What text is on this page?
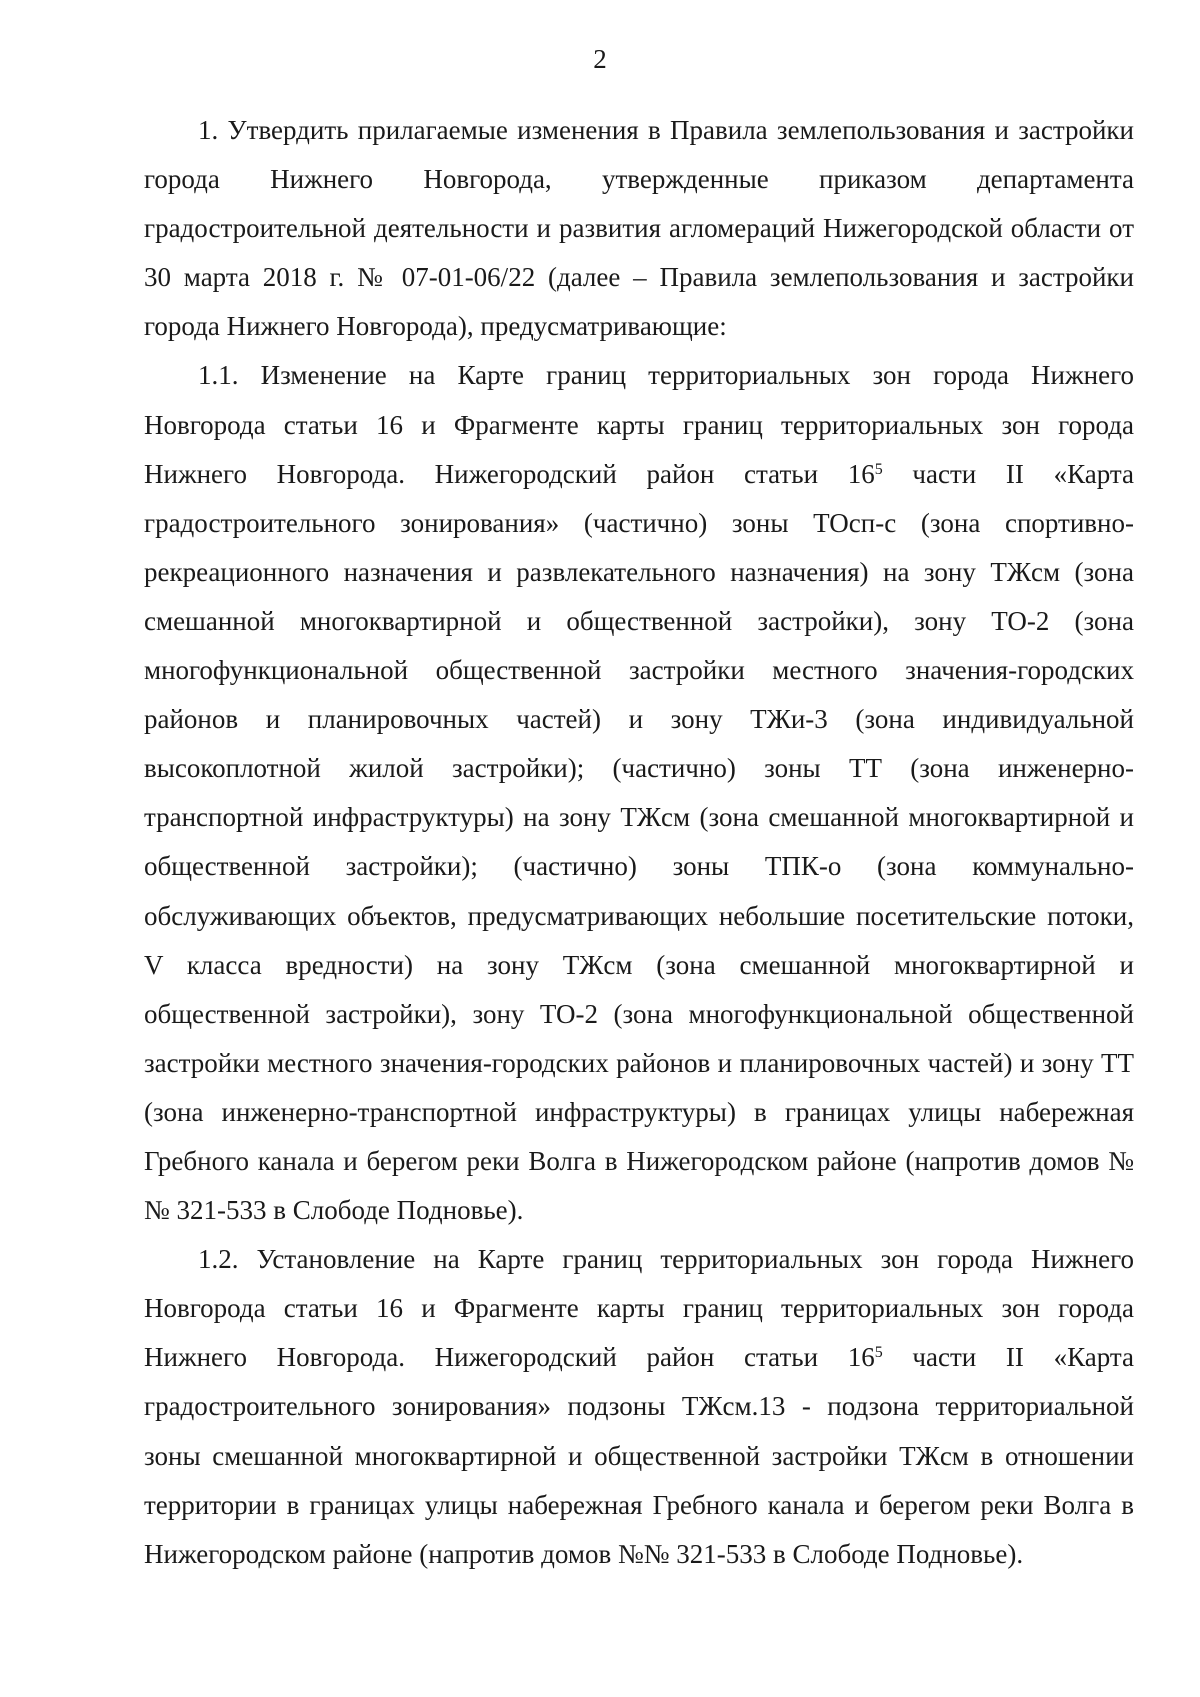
2

1. Утвердить прилагаемые изменения в Правила землепользования и застройки города Нижнего Новгорода, утвержденные приказом департамента градостроительной деятельности и развития агломераций Нижегородской области от 30 марта 2018 г. № 07-01-06/22 (далее – Правила землепользования и застройки города Нижнего Новгорода), предусматривающие:

1.1. Изменение на Карте границ территориальных зон города Нижнего Новгорода статьи 16 и Фрагменте карты границ территориальных зон города Нижнего Новгорода. Нижегородский район статьи $16^5$ части II «Карта градостроительного зонирования» (частично) зоны ТОсп-с (зона спортивно-рекреационного назначения и развлекательного назначения) на зону ТЖсм (зона смешанной многоквартирной и общественной застройки), зону ТО-2 (зона многофункциональной общественной застройки местного значения-городских районов и планировочных частей) и зону ТЖи-3 (зона индивидуальной высокоплотной жилой застройки); (частично) зоны ТТ (зона инженерно-транспортной инфраструктуры) на зону ТЖсм (зона смешанной многоквартирной и общественной застройки); (частично) зоны ТПК-о (зона коммунально-обслуживающих объектов, предусматривающих небольшие посетительские потоки, V класса вредности) на зону ТЖсм (зона смешанной многоквартирной и общественной застройки), зону ТО-2 (зона многофункциональной общественной застройки местного значения-городских районов и планировочных частей) и зону ТТ (зона инженерно-транспортной инфраструктуры) в границах улицы набережная Гребного канала и берегом реки Волга в Нижегородском районе (напротив домов №№ 321-533 в Слободе Подновье).

1.2. Установление на Карте границ территориальных зон города Нижнего Новгорода статьи 16 и Фрагменте карты границ территориальных зон города Нижнего Новгорода. Нижегородский район статьи $16^5$ части II «Карта градостроительного зонирования» подзоны ТЖсм.13 - подзона территориальной зоны смешанной многоквартирной и общественной застройки ТЖсм в отношении территории в границах улицы набережная Гребного канала и берегом реки Волга в Нижегородском районе (напротив домов №№ 321-533 в Слободе Подновье).
